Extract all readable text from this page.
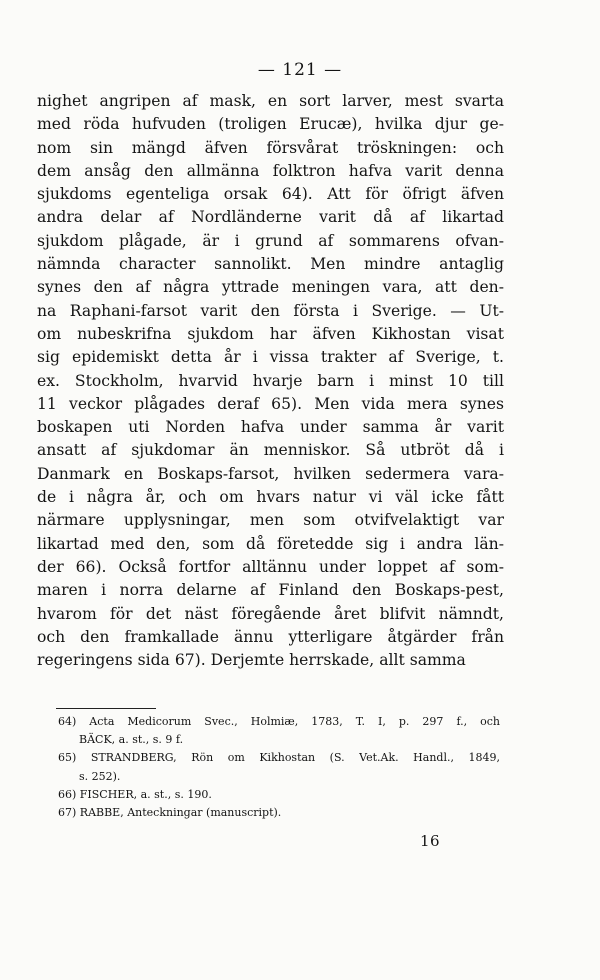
— 121 —
nighet angripen af mask, en sort larver, mest svarta
med röda hufvuden (troligen Erucæ), hvilka djur ge-
nom sin mängd äfven försvårat tröskningen: och
dem ansåg den allmänna folktron hafva varit denna
sjukdoms egenteliga orsak 64). Att för öfrigt äfven
andra delar af Nordländerne varit då af likartad
sjukdom plågade, är i grund af sommarens ofvan-
nämnda character sannolikt. Men mindre antaglig
synes den af några yttrade meningen vara, att den-
na Raphani-farsot varit den första i Sverige. — Ut-
om nubeskrifna sjukdom har äfven Kikhostan visat
sig epidemiskt detta år i vissa trakter af Sverige, t.
ex. Stockholm, hvarvid hvarje barn i minst 10 till
11 veckor plågades deraf 65). Men vida mera synes
boskapen uti Norden hafva under samma år varit
ansatt af sjukdomar än menniskor. Så utbröt då i
Danmark en Boskaps-farsot, hvilken sedermera vara-
de i några år, och om hvars natur vi väl icke fått
närmare upplysningar, men som otvifvelaktigt var
likartad med den, som då företedde sig i andra län-
der 66). Också fortfor alltännu under loppet af som-
maren i norra delarne af Finland den Boskaps-pest,
hvarom för det näst föregående året blifvit nämndt,
och den framkallade ännu ytterligare åtgärder från
regeringens sida 67). Derjemte herrskade, allt samma
64) Acta Medicorum Svec., Holmiæ, 1783, T. I, p. 297 f., och
BÄCK, a. st., s. 9 f.
65) STRANDBERG, Rön om Kikhostan (S. Vet.Ak. Handl., 1849,
s. 252).
66) FISCHER, a. st., s. 190.
67) RABBE, Anteckningar (manuscript).
16
